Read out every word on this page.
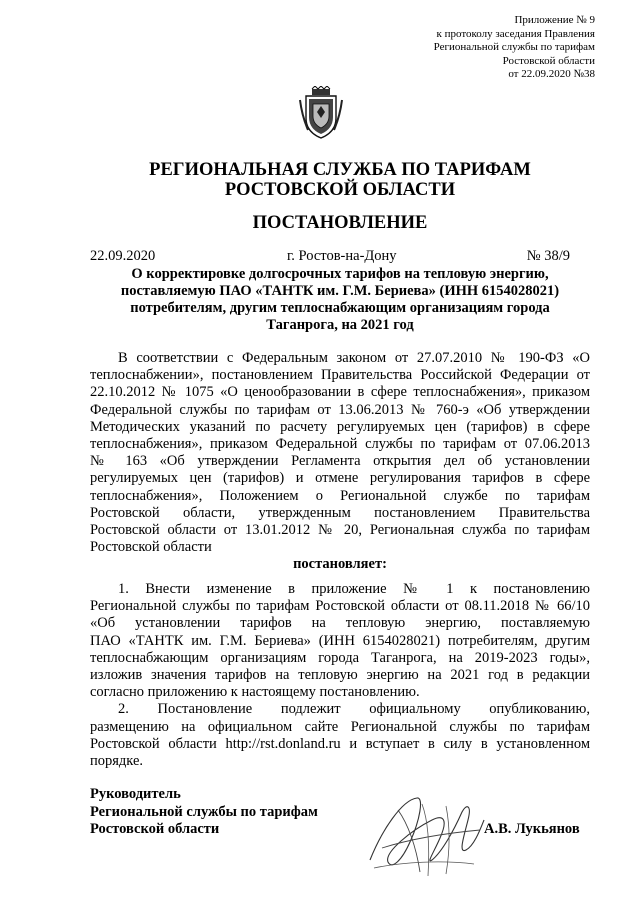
Приложение № 9
к протоколу заседания Правления
Региональной службы по тарифам
Ростовской области
от 22.09.2020 №38
РЕГИОНАЛЬНАЯ СЛУЖБА ПО ТАРИФАМ
РОСТОВСКОЙ ОБЛАСТИ
ПОСТАНОВЛЕНИЕ
22.09.2020	г. Ростов-на-Дону	№ 38/9
О корректировке долгосрочных тарифов на тепловую энергию,
поставляемую ПАО «ТАНТК им. Г.М. Бериева» (ИНН 6154028021)
потребителям, другим теплоснабжающим организациям города
Таганрога, на 2021 год
В соответствии с Федеральным законом от 27.07.2010 № 190-ФЗ «О
теплоснабжении», постановлением Правительства Российской Федерации от
22.10.2012 № 1075 «О ценообразовании в сфере теплоснабжения», приказом
Федеральной службы по тарифам от 13.06.2013 № 760-э «Об утверждении
Методических указаний по расчету регулируемых цен (тарифов) в сфере
теплоснабжения», приказом Федеральной службы по тарифам от 07.06.2013
№ 163 «Об утверждении Регламента открытия дел об установлении
регулируемых цен (тарифов) и отмене регулирования тарифов в сфере
теплоснабжения», Положением о Региональной службе по тарифам
Ростовской области, утвержденным постановлением Правительства
Ростовской области от 13.01.2012 № 20, Региональная служба по тарифам
Ростовской области
постановляет:
1. Внести изменение в приложение № 1 к постановлению
Региональной службы по тарифам Ростовской области от 08.11.2018 № 66/10
«Об установлении тарифов на тепловую энергию, поставляемую
ПАО «ТАНТК им. Г.М. Бериева» (ИНН 6154028021) потребителям, другим
теплоснабжающим организациям города Таганрога, на 2019-2023 годы»,
изложив значения тарифов на тепловую энергию на 2021 год в редакции
согласно приложению к настоящему постановлению.
2. Постановление подлежит официальному опубликованию,
размещению на официальном сайте Региональной службы по тарифам
Ростовской области http://rst.donland.ru и вступает в силу в установленном
порядке.
Руководитель
Региональной службы по тарифам
Ростовской области	А.В. Лукьянов
